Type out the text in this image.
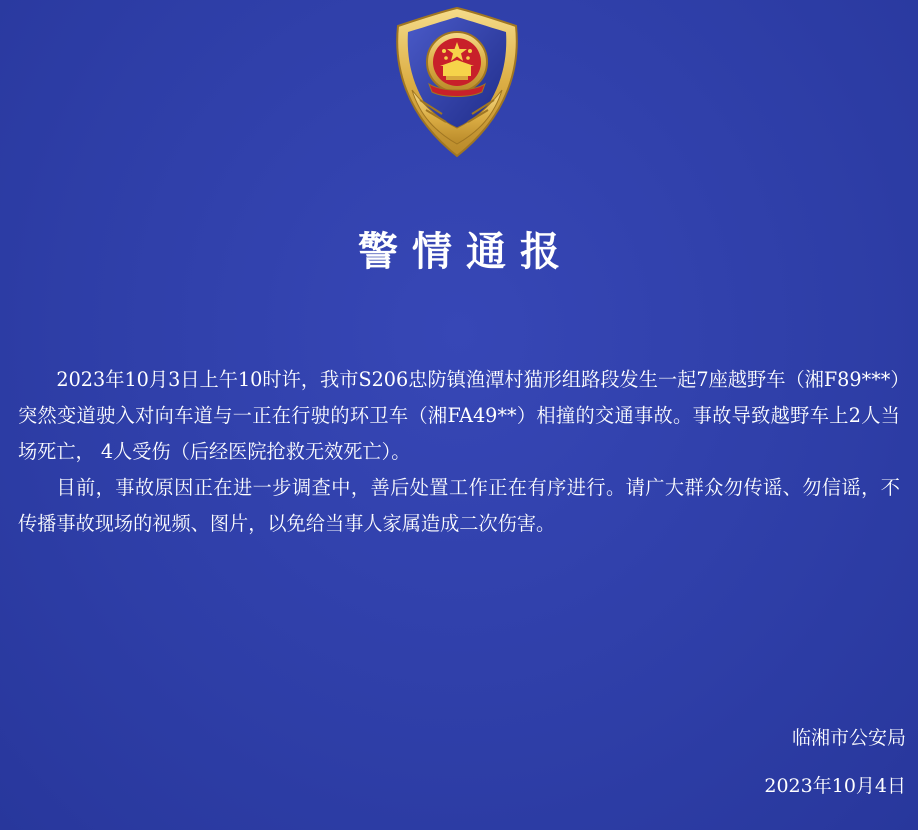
警情通报

2023年10月3日上午10时许，我市S206忠防镇渔潭村猫形组路段发生一起7座越野车（湘F89***）突然变道驶入对向车道与一正在行驶的环卫车（湘FA49**）相撞的交通事故。事故导致越野车上2人当场死亡， 4人受伤（后经医院抢救无效死亡）。

目前，事故原因正在进一步调查中，善后处置工作正在有序进行。请广大群众勿传谣、勿信谣，不传播事故现场的视频、图片，以免给当事人家属造成二次伤害。

临湘市公安局
2023年10月4日
